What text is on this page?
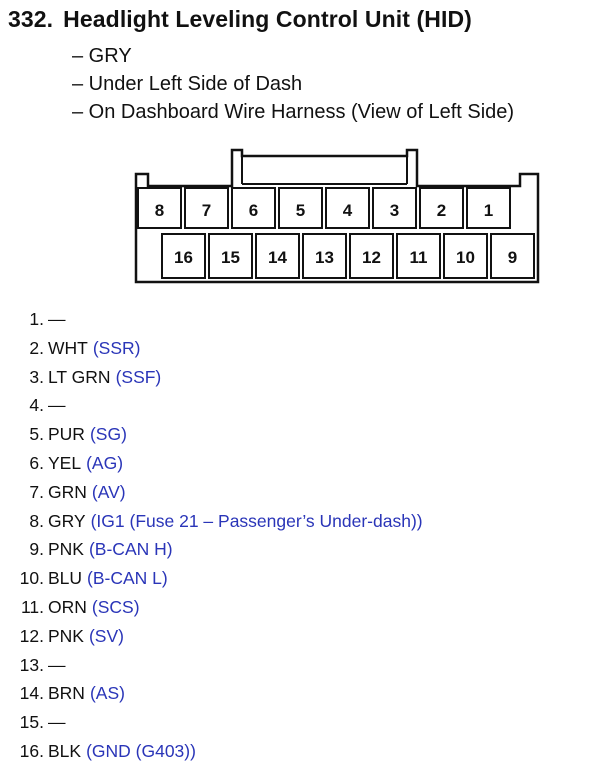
332. Headlight Leveling Control Unit (HID)
– GRY
– Under Left Side of Dash
– On Dashboard Wire Harness (View of Left Side)
8 7 6 5 4 3 2 1
16 15 14 13 12 11 10 9
1. —
2. WHT (SSR)
3. LT GRN (SSF)
4. —
5. PUR (SG)
6. YEL (AG)
7. GRN (AV)
8. GRY (IG1 (Fuse 21 – Passenger’s Under-dash))
9. PNK (B-CAN H)
10. BLU (B-CAN L)
11. ORN (SCS)
12. PNK (SV)
13. —
14. BRN (AS)
15. —
16. BLK (GND (G403))
